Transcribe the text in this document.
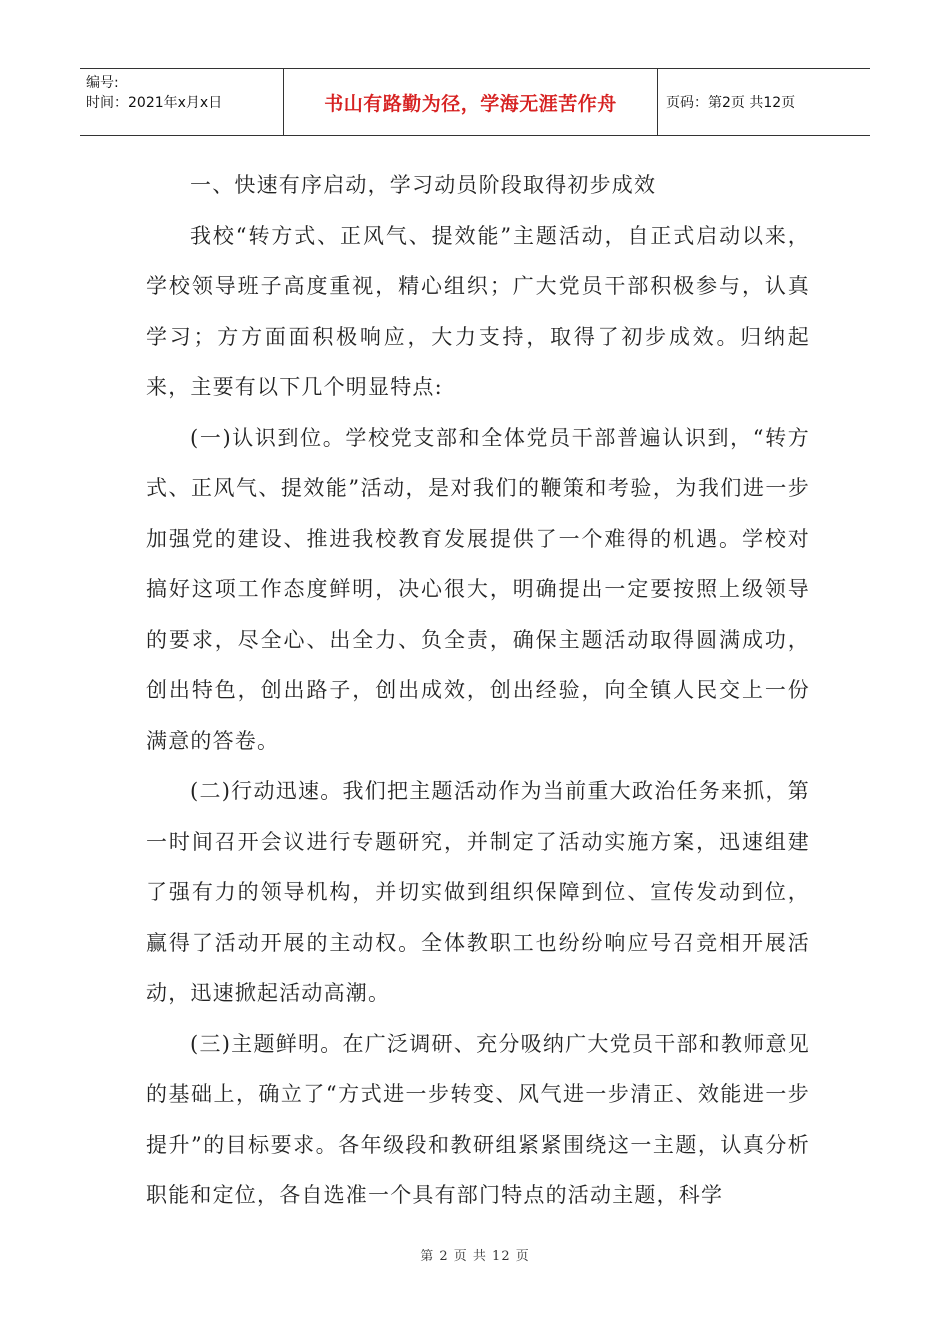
编号:
时间：2021年x月x日	书山有路勤为径，学海无涯苦作舟	页码：第2页 共12页

一、快速有序启动，学习动员阶段取得初步成效

我校“转方式、正风气、提效能”主题活动，自正式启动以来，学校领导班子高度重视，精心组织；广大党员干部积极参与，认真学习；方方面面积极响应，大力支持，取得了初步成效。归纳起来，主要有以下几个明显特点:

(一)认识到位。学校党支部和全体党员干部普遍认识到，“转方式、正风气、提效能”活动，是对我们的鞭策和考验，为我们进一步加强党的建设、推进我校教育发展提供了一个难得的机遇。学校对搞好这项工作态度鲜明，决心很大，明确提出一定要按照上级领导的要求，尽全心、出全力、负全责，确保主题活动取得圆满成功，创出特色，创出路子，创出成效，创出经验，向全镇人民交上一份满意的答卷。

(二)行动迅速。我们把主题活动作为当前重大政治任务来抓，第一时间召开会议进行专题研究，并制定了活动实施方案，迅速组建了强有力的领导机构，并切实做到组织保障到位、宣传发动到位，赢得了活动开展的主动权。全体教职工也纷纷响应号召竞相开展活动，迅速掀起活动高潮。

(三)主题鲜明。在广泛调研、充分吸纳广大党员干部和教师意见的基础上，确立了“方式进一步转变、风气进一步清正、效能进一步提升”的目标要求。各年级段和教研组紧紧围绕这一主题，认真分析职能和定位，各自选准一个具有部门特点的活动主题，科学

第 2 页 共 12 页
